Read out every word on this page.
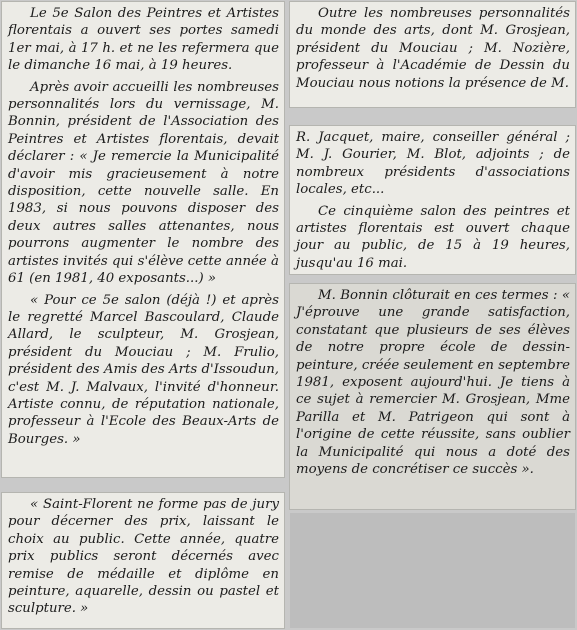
Le 5e Salon des Peintres et Artistes florentais a ouvert ses portes samedi 1er mai, à 17 h. et ne les refermera que le dimanche 16 mai, à 19 heures.

Après avoir accueilli les nombreuses personnalités lors du vernissage, M. Bonnin, président de l'Association des Peintres et Artistes florentais, devait déclarer : « Je remercie la Municipalité d'avoir mis gracieusement à notre disposition, cette nouvelle salle. En 1983, si nous pouvons disposer des deux autres salles attenantes, nous pourrons augmenter le nombre des artistes invités qui s'élève cette année à 61 (en 1981, 40 exposants...) »

« Pour ce 5e salon (déjà !) et après le regretté Marcel Bascoulard, Claude Allard, le sculpteur, M. Grosjean, président du Mouciau ; M. Frulio, président des Amis des Arts d'Issoudun, c'est M. J. Malvaux, l'invité d'honneur. Artiste connu, de réputation nationale, professeur à l'Ecole des Beaux-Arts de Bourges. »

« Saint-Florent ne forme pas de jury pour décerner des prix, laissant le choix au public. Cette année, quatre prix publics seront décernés avec remise de médaille et diplôme en peinture, aquarelle, dessin ou pastel et sculpture. »

Outre les nombreuses personnalités du monde des arts, dont M. Grosjean, président du Mouciau ; M. Nozière, professeur à l'Académie de Dessin du Mouciau nous notions la présence de M.

R. Jacquet, maire, conseiller général ; M. J. Gourier, M. Blot, adjoints ; de nombreux présidents d'associations locales, etc...

Ce cinquième salon des peintres et artistes florentais est ouvert chaque jour au public, de 15 à 19 heures, jusqu'au 16 mai.

M. Bonnin clôturait en ces termes : « J'éprouve une grande satisfaction, constatant que plusieurs de ses élèves de notre propre école de dessin-peinture, créée seulement en septembre 1981, exposent aujourd'hui. Je tiens à ce sujet à remercier M. Grosjean, Mme Parilla et M. Patrigeon qui sont à l'origine de cette réussite, sans oublier la Municipalité qui nous a doté des moyens de concrétiser ce succès ».
